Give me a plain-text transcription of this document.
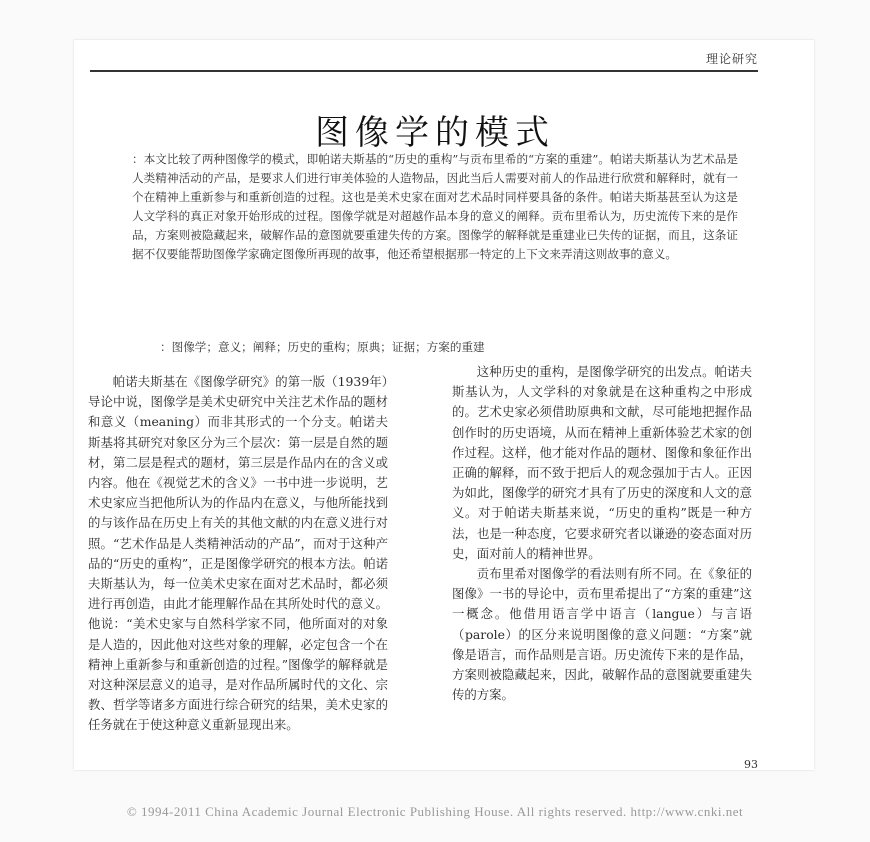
理论研究
图像学的模式
：本文比较了两种图像学的模式，即帕诺夫斯基的“历史的重构”与贡布里希的“方案的重建”。帕诺夫斯基认为艺术品是人类精神活动的产品，是要求人们进行审美体验的人造物品，因此当后人需要对前人的作品进行欣赏和解释时，就有一个在精神上重新参与和重新创造的过程。这也是美术史家在面对艺术品时同样要具备的条件。帕诺夫斯基甚至认为这是人文学科的真正对象开始形成的过程。图像学就是对超越作品本身的意义的阐释。贡布里希认为，历史流传下来的是作品，方案则被隐藏起来，破解作品的意图就要重建失传的方案。图像学的解释就是重建业已失传的证据，而且，这条证据不仅要能帮助图像学家确定图像所再现的故事，他还希望根据那一特定的上下文来弄清这则故事的意义。
：图像学；意义；阐释；历史的重构；原典；证据；方案的重建

帕诺夫斯基在《图像学研究》的第一版（1939年）导论中说，图像学是美术史研究中关注艺术作品的题材和意义（meaning）而非其形式的一个分支。帕诺夫斯基将其研究对象区分为三个层次：第一层是自然的题材，第二层是程式的题材，第三层是作品内在的含义或内容。他在《视觉艺术的含义》一书中进一步说明，艺术史家应当把他所认为的作品内在意义，与他所能找到的与该作品在历史上有关的其他文献的内在意义进行对照。“艺术作品是人类精神活动的产品”，而对于这种产品的“历史的重构”，正是图像学研究的根本方法。帕诺夫斯基认为，每一位美术史家在面对艺术品时，都必须进行再创造，由此才能理解作品在其所处时代的意义。他说：“美术史家与自然科学家不同，他所面对的对象是人造的，因此他对这些对象的理解，必定包含一个在精神上重新参与和重新创造的过程。”图像学的解释就是对这种深层意义的追寻，是对作品所属时代的文化、宗教、哲学等诸多方面进行综合研究的结果，美术史家的任务就在于使这种意义重新显现出来。

这种历史的重构，是图像学研究的出发点。帕诺夫斯基认为，人文学科的对象就是在这种重构之中形成的。艺术史家必须借助原典和文献，尽可能地把握作品创作时的历史语境，从而在精神上重新体验艺术家的创作过程。这样，他才能对作品的题材、图像和象征作出正确的解释，而不致于把后人的观念强加于古人。正因为如此，图像学的研究才具有了历史的深度和人文的意义。对于帕诺夫斯基来说，“历史的重构”既是一种方法，也是一种态度，它要求研究者以谦逊的姿态面对历史，面对前人的精神世界。

贡布里希对图像学的看法则有所不同。在《象征的图像》一书的导论中，贡布里希提出了“方案的重建”这一概念。他借用语言学中语言（langue）与言语（parole）的区分来说明图像的意义问题：“方案”就像是语言，而作品则是言语。历史流传下来的是作品，方案则被隐藏起来，因此，破解作品的意图就要重建失传的方案。

93
© 1994-2011 China Academic Journal Electronic Publishing House. All rights reserved. http://www.cnki.net
